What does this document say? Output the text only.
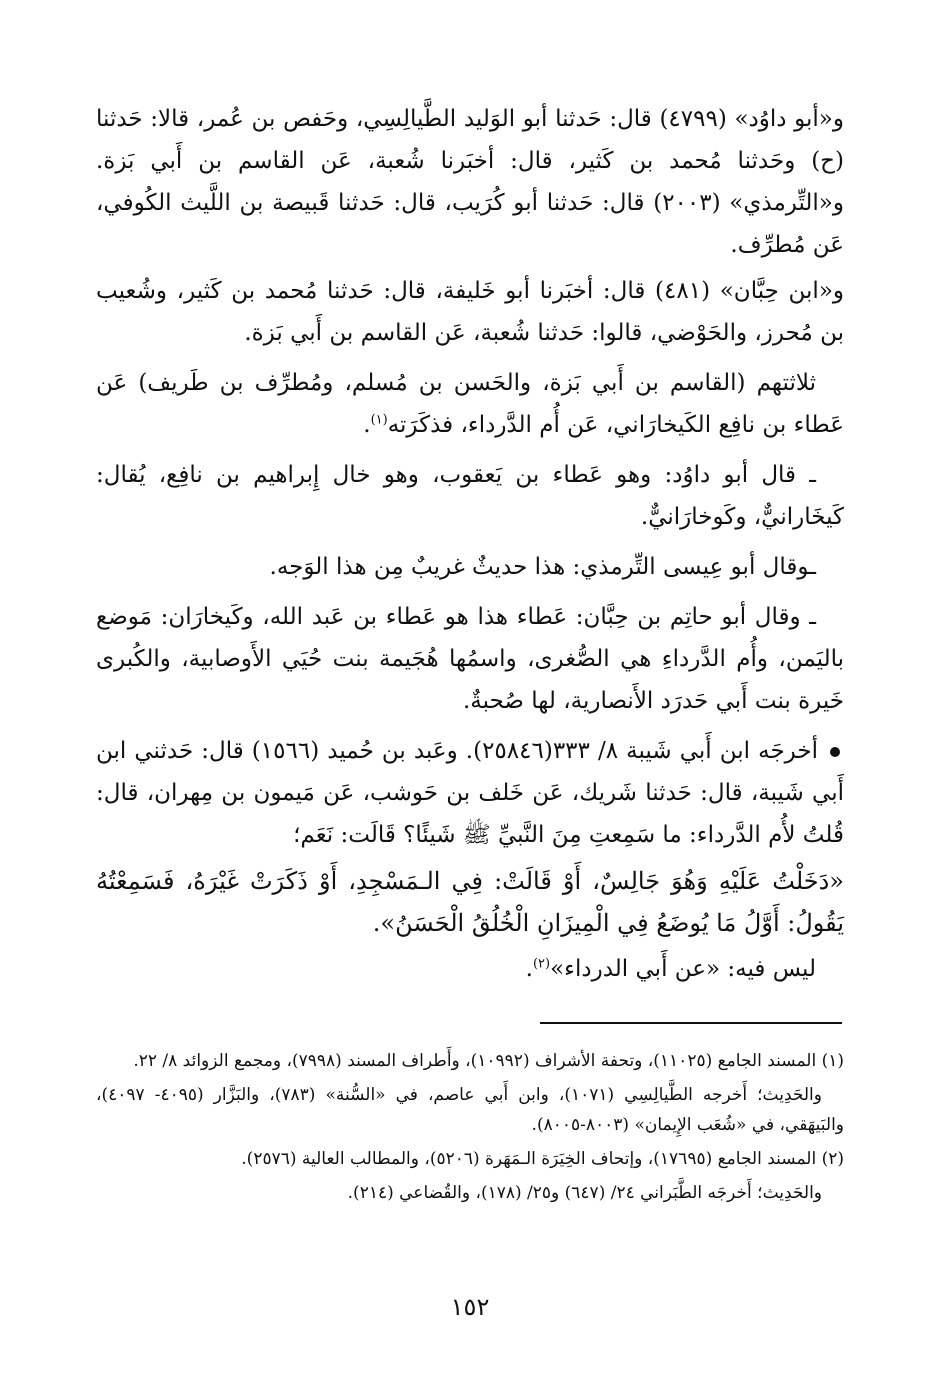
و«أبو داوُد» (٤٧٩٩) قال: حَدثنا أبو الوَليد الطَّيالِسِي، وحَفص بن عُمر، قالا: حَدثنا (ح) وحَدثنا مُحمد بن كَثير، قال: أخبَرنا شُعبة، عَن القاسم بن أَبي بَزة. و«التِّرمذي» (٢٠٠٣) قال: حَدثنا أبو كُرَيب، قال: حَدثنا قَبيصة بن اللَّيث الكُوفي، عَن مُطرِّف.

و«ابن حِبَّان» (٤٨١) قال: أخبَرنا أبو خَليفة، قال: حَدثنا مُحمد بن كَثير، وشُعيب بن مُحرز، والحَوْضي، قالوا: حَدثنا شُعبة، عَن القاسم بن أَبي بَزة.

ثلاثتهم (القاسم بن أَبي بَزة، والحَسن بن مُسلم، ومُطرِّف بن طَريف) عَن عَطاء بن نافِع الكَيخارَاني، عَن أُم الدَّرداء، فذكَرَته$^{(١)}$.

ـ قال أبو داوُد: وهو عَطاء بن يَعقوب، وهو خال إِبراهيم بن نافِع، يُقال: كَيخَارانيٌّ، وكَوخارَانيٌّ.

ـوقال أبو عِيسى التِّرمذي: هذا حديثٌ غريبٌ مِن هذا الوَجه.

ـ وقال أبو حاتِم بن حِبَّان: عَطاء هذا هو عَطاء بن عَبد الله، وكَيخارَان: مَوضع باليَمن، وأُم الدَّرداءِ هي الصُّغرى، واسمُها هُجَيمة بنت حُيَي الأَوصابية، والكُبرى خَيرة بنت أَبي حَدرَد الأَنصارية، لها صُحبةٌ.

أخرجَه ابن أَبي شَيبة ٨/ ٣٣٣(٢٥٨٤٦). وعَبد بن حُميد (١٥٦٦) قال: حَدثني ابن أَبي شَيبة، قال: حَدثنا شَريك، عَن خَلف بن حَوشب، عَن مَيمون بن مِهران، قال: قُلتُ لأُم الدَّرداء: ما سَمِعتِ مِنَ النَّبيِّ ﷺ شَيئًا؟ قَالَت: نَعَم؛

«دَخَلْتُ عَلَيْهِ وَهُوَ جَالِسٌ، أَوْ قَالَتْ: فِي الـمَسْجِدِ، أَوْ ذَكَرَتْ غَيْرَهُ، فَسَمِعْتُهُ يَقُولُ: أَوَّلُ مَا يُوضَعُ فِي الْمِيزَانِ الْخُلُقُ الْحَسَنُ».

ليس فيه: «عن أَبي الدرداء»$^{(٢)}$.

(١) المسند الجامع (١١٠٢٥)، وتحفة الأشراف (١٠٩٩٢)، وأَطراف المسند (٧٩٩٨)، ومجمع الزوائد ٨/ ٢٢.

والحَدِيث؛ أَخرجه الطَّيالِسِي (١٠٧١)، وابن أَبي عاصم، في «السُّنة» (٧٨٣)، والبَزَّار (٤٠٩٥- ٤٠٩٧)، والبَيهَقي، في «شُعَب الإِيمان» (٨٠٠٣-٨٠٠٥).

(٢) المسند الجامع (١٧٦٩٥)، وإتحاف الخِيَرَة الـمَهَرة (٥٢٠٦)، والمطالب العالية (٢٥٧٦).

والحَدِيث؛ أَخرجَه الطَّبَراني ٢٤/ (٦٤٧) و٢٥/ (١٧٨)، والقُضاعي (٢١٤).

١٥٢
